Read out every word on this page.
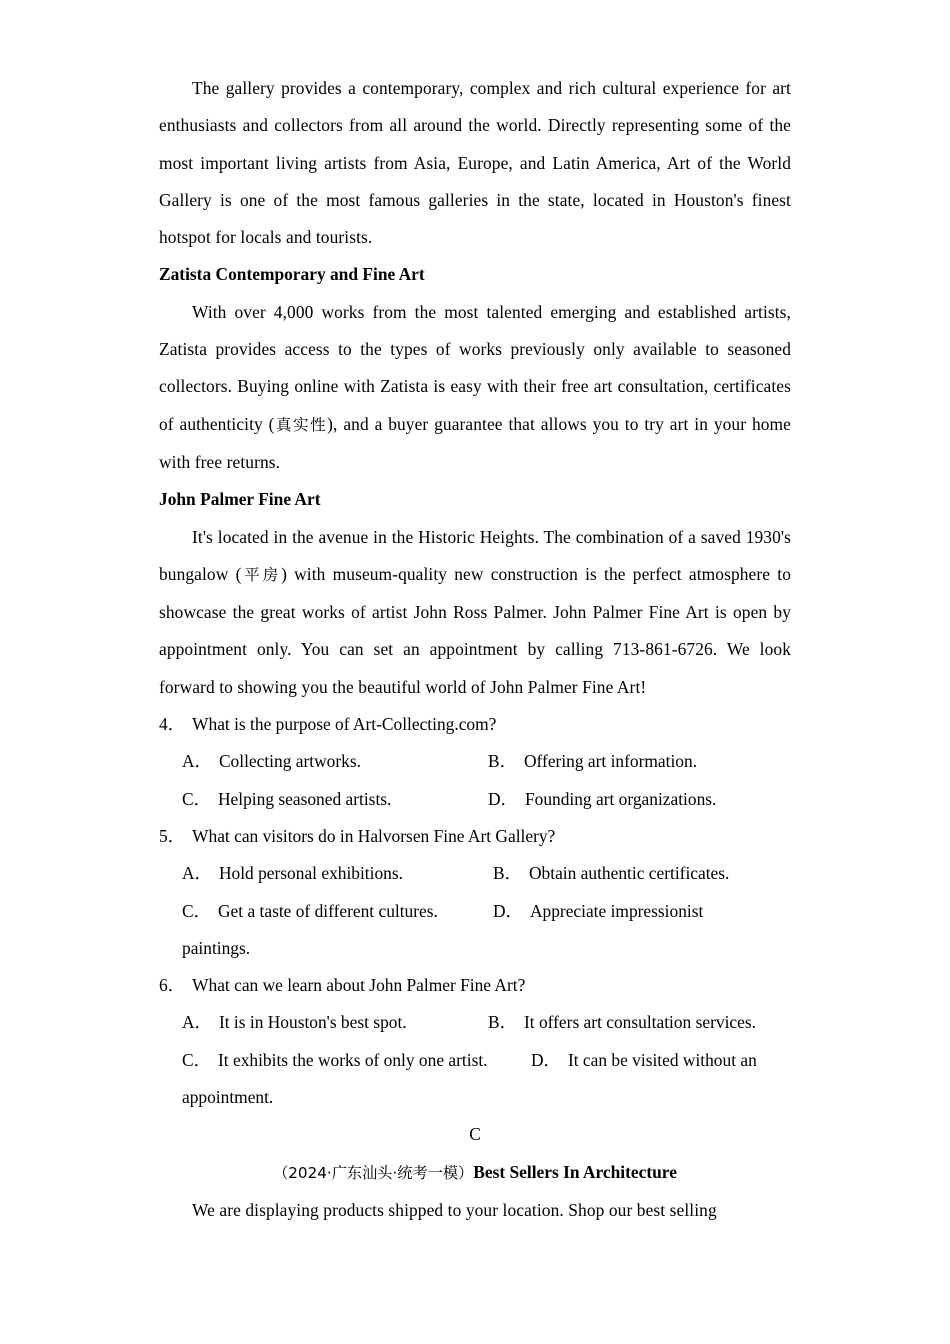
The gallery provides a contemporary, complex and rich cultural experience for art enthusiasts and collectors from all around the world. Directly representing some of the most important living artists from Asia, Europe, and Latin America, Art of the World Gallery is one of the most famous galleries in the state, located in Houston's finest hotspot for locals and tourists.

Zatista Contemporary and Fine Art

With over 4,000 works from the most talented emerging and established artists, Zatista provides access to the types of works previously only available to seasoned collectors. Buying online with Zatista is easy with their free art consultation, certificates of authenticity (真实性), and a buyer guarantee that allows you to try art in your home with free returns.

John Palmer Fine Art

It's located in the avenue in the Historic Heights. The combination of a saved 1930's bungalow (平房) with museum-quality new construction is the perfect atmosphere to showcase the great works of artist John Ross Palmer. John Palmer Fine Art is open by appointment only. You can set an appointment by calling 713-861-6726. We look forward to showing you the beautiful world of John Palmer Fine Art!

4． What is the purpose of Art-Collecting.com?

A． Collecting artworks.	B． Offering art information.

C． Helping seasoned artists.	D． Founding art organizations.

5． What can visitors do in Halvorsen Fine Art Gallery?

A． Hold personal exhibitions.	B． Obtain authentic certificates.

C． Get a taste of different cultures.	D． Appreciate impressionist

paintings.

6． What can we learn about John Palmer Fine Art?

A． It is in Houston's best spot.	B． It offers art consultation services.

C． It exhibits the works of only one artist. D． It can be visited without an

appointment.

C

（2024·广东汕头·统考一模）Best Sellers In Architecture

We are displaying products shipped to your location. Shop our best selling
